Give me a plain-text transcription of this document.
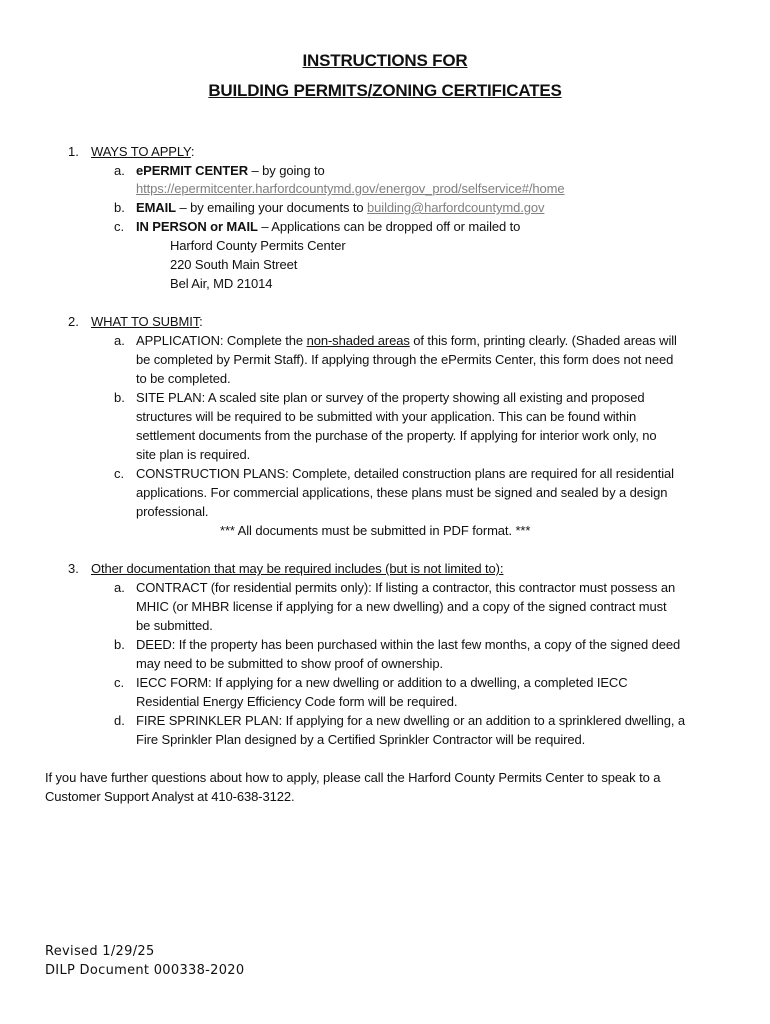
INSTRUCTIONS FOR
BUILDING PERMITS/ZONING CERTIFICATES
1. WAYS TO APPLY:
a. ePERMIT CENTER – by going to
https://epermitcenter.harfordcountymd.gov/energov_prod/selfservice#/home
b. EMAIL – by emailing your documents to building@harfordcountymd.gov
c. IN PERSON or MAIL – Applications can be dropped off or mailed to
Harford County Permits Center
220 South Main Street
Bel Air, MD 21014
2. WHAT TO SUBMIT:
a. APPLICATION: Complete the non-shaded areas of this form, printing clearly. (Shaded areas will
be completed by Permit Staff). If applying through the ePermits Center, this form does not need
to be completed.
b. SITE PLAN: A scaled site plan or survey of the property showing all existing and proposed
structures will be required to be submitted with your application. This can be found within
settlement documents from the purchase of the property. If applying for interior work only, no
site plan is required.
c. CONSTRUCTION PLANS: Complete, detailed construction plans are required for all residential
applications. For commercial applications, these plans must be signed and sealed by a design
professional.
*** All documents must be submitted in PDF format. ***
3. Other documentation that may be required includes (but is not limited to):
a. CONTRACT (for residential permits only): If listing a contractor, this contractor must possess an
MHIC (or MHBR license if applying for a new dwelling) and a copy of the signed contract must
be submitted.
b. DEED: If the property has been purchased within the last few months, a copy of the signed deed
may need to be submitted to show proof of ownership.
c. IECC FORM: If applying for a new dwelling or addition to a dwelling, a completed IECC
Residential Energy Efficiency Code form will be required.
d. FIRE SPRINKLER PLAN: If applying for a new dwelling or an addition to a sprinklered dwelling, a
Fire Sprinkler Plan designed by a Certified Sprinkler Contractor will be required.
If you have further questions about how to apply, please call the Harford County Permits Center to speak to a
Customer Support Analyst at 410-638-3122.
Revised 1/29/25
DILP Document 000338-2020
